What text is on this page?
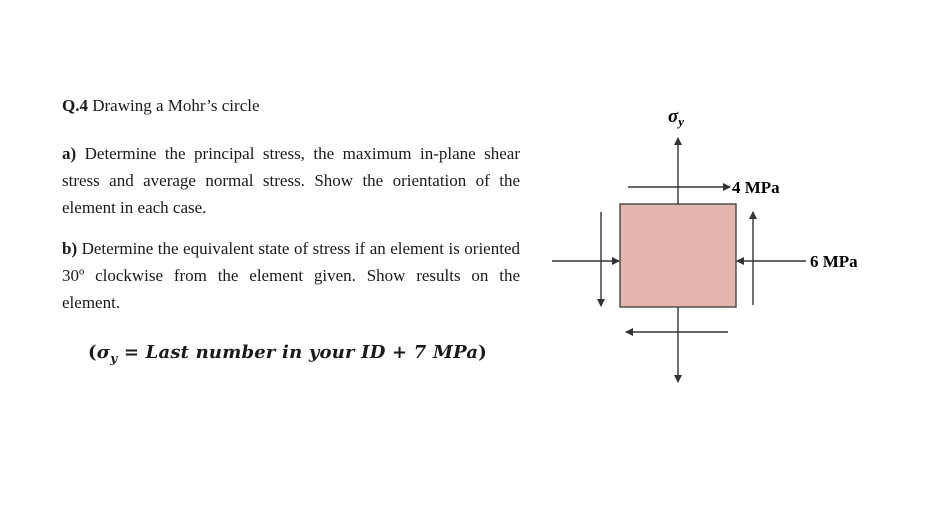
Q.4 Drawing a Mohr’s circle

a) Determine the principal stress, the maximum in-plane shear stress and average normal stress. Show the orientation of the element in each case.

b) Determine the equivalent state of stress if an element is oriented 30º clockwise from the element given. Show results on the element.

($\sigma_y$ = Last number in your ID + 7 MPa)
$\sigma_y$
4 MPa
6 MPa
